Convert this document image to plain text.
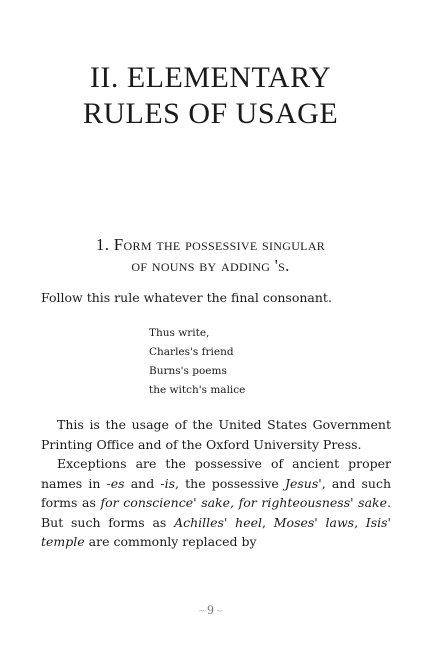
II. ELEMENTARY
RULES OF USAGE
1. Form the possessive singular
of nouns by adding 's.
Follow this rule whatever the final consonant.
Thus write,
Charles's friend
Burns's poems
the witch's malice

This is the usage of the United States Government Printing Office and of the Oxford University Press.

Exceptions are the possessive of ancient proper names in -es and -is, the possessive Jesus', and such forms as for conscience' sake, for righteousness' sake. But such forms as Achilles' heel, Moses' laws, Isis' temple are commonly replaced by

~ 9 ~
